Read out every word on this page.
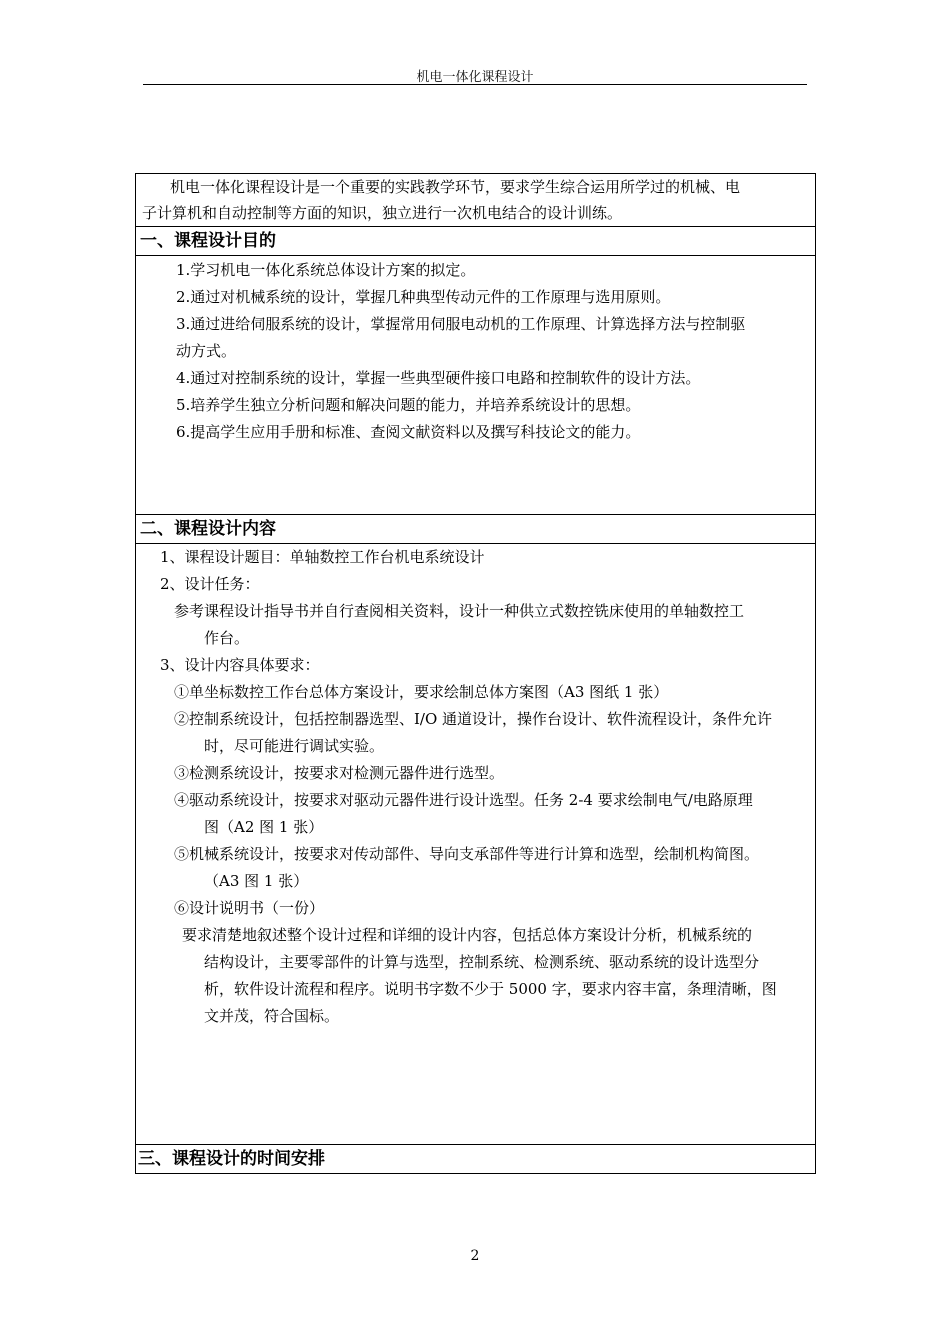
机电一体化课程设计

机电一体化课程设计是一个重要的实践教学环节，要求学生综合运用所学过的机械、电

子计算机和自动控制等方面的知识，独立进行一次机电结合的设计训练。

一、课程设计目的

1.学习机电一体化系统总体设计方案的拟定。

2.通过对机械系统的设计，掌握几种典型传动元件的工作原理与选用原则。

3.通过进给伺服系统的设计，掌握常用伺服电动机的工作原理、计算选择方法与控制驱

动方式。

4.通过对控制系统的设计，掌握一些典型硬件接口电路和控制软件的设计方法。

5.培养学生独立分析问题和解决问题的能力，并培养系统设计的思想。

6.提高学生应用手册和标准、查阅文献资料以及撰写科技论文的能力。

二、课程设计内容

1、课程设计题目：单轴数控工作台机电系统设计

2、设计任务：

参考课程设计指导书并自行查阅相关资料，设计一种供立式数控铣床使用的单轴数控工

作台。

3、设计内容具体要求：

①单坐标数控工作台总体方案设计，要求绘制总体方案图（A3 图纸 1 张）

②控制系统设计，包括控制器选型、I/O 通道设计，操作台设计、软件流程设计，条件允许

时，尽可能进行调试实验。

③检测系统设计，按要求对检测元器件进行选型。

④驱动系统设计，按要求对驱动元器件进行设计选型。任务 2-4 要求绘制电气/电路原理

图（A2 图 1 张）

⑤机械系统设计，按要求对传动部件、导向支承部件等进行计算和选型，绘制机构简图。

（A3 图 1 张）

⑥设计说明书（一份）

要求清楚地叙述整个设计过程和详细的设计内容，包括总体方案设计分析，机械系统的

结构设计，主要零部件的计算与选型，控制系统、检测系统、驱动系统的设计选型分

析，软件设计流程和程序。说明书字数不少于 5000 字，要求内容丰富，条理清晰，图

文并茂，符合国标。

三、课程设计的时间安排
2
